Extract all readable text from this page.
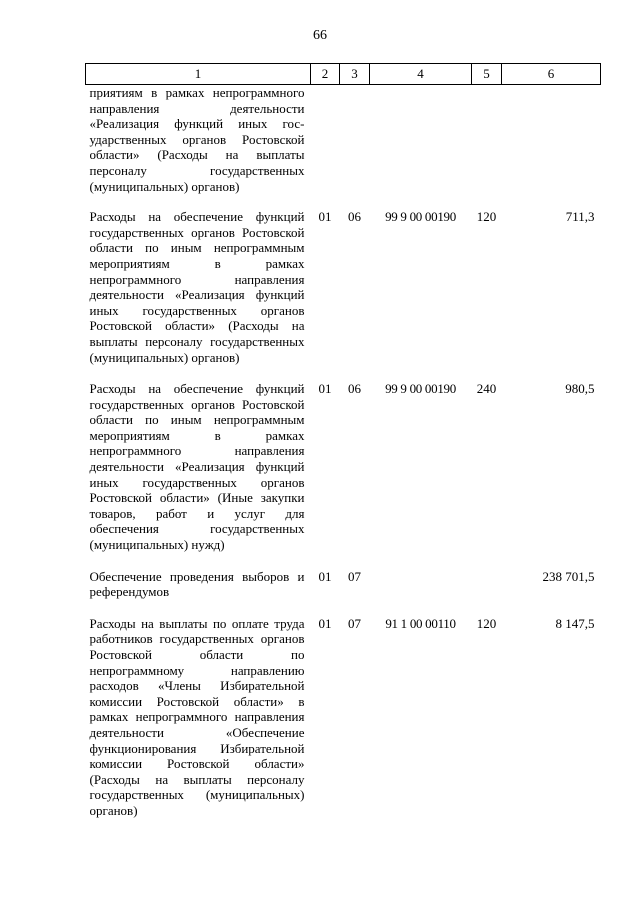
66
1	2	3	4	5	6
приятиям в рамках непрограммного направления деятельности «Реализация функций иных государственных органов Ростовской области» (Расходы на выплаты персоналу государственных (муниципальных) органов)					
Расходы на обеспечение функций государственных органов Ростовской области по иным непрограммным мероприятиям в рамках непрограммного направления деятельности «Реализация функций иных государственных органов Ростовской области» (Расходы на выплаты персоналу государственных (муниципальных) органов)	01	06	99 9 00 00190	120	711,3
Расходы на обеспечение функций государственных органов Ростовской области по иным непрограммным мероприятиям в рамках непрограммного направления деятельности «Реализация функций иных государственных органов Ростовской области» (Иные закупки товаров, работ и услуг для обеспечения государственных (муниципальных) нужд)	01	06	99 9 00 00190	240	980,5
Обеспечение проведения выборов и референдумов	01	07			238 701,5
Расходы на выплаты по оплате труда работников государственных органов Ростовской области по непрограммному направлению расходов «Члены Избирательной комиссии Ростовской области» в рамках непрограммного направления деятельности «Обеспечение функционирования Избирательной комиссии Ростовской области» (Расходы на выплаты персоналу государственных (муниципальных) органов)	01	07	91 1 00 00110	120	8 147,5
